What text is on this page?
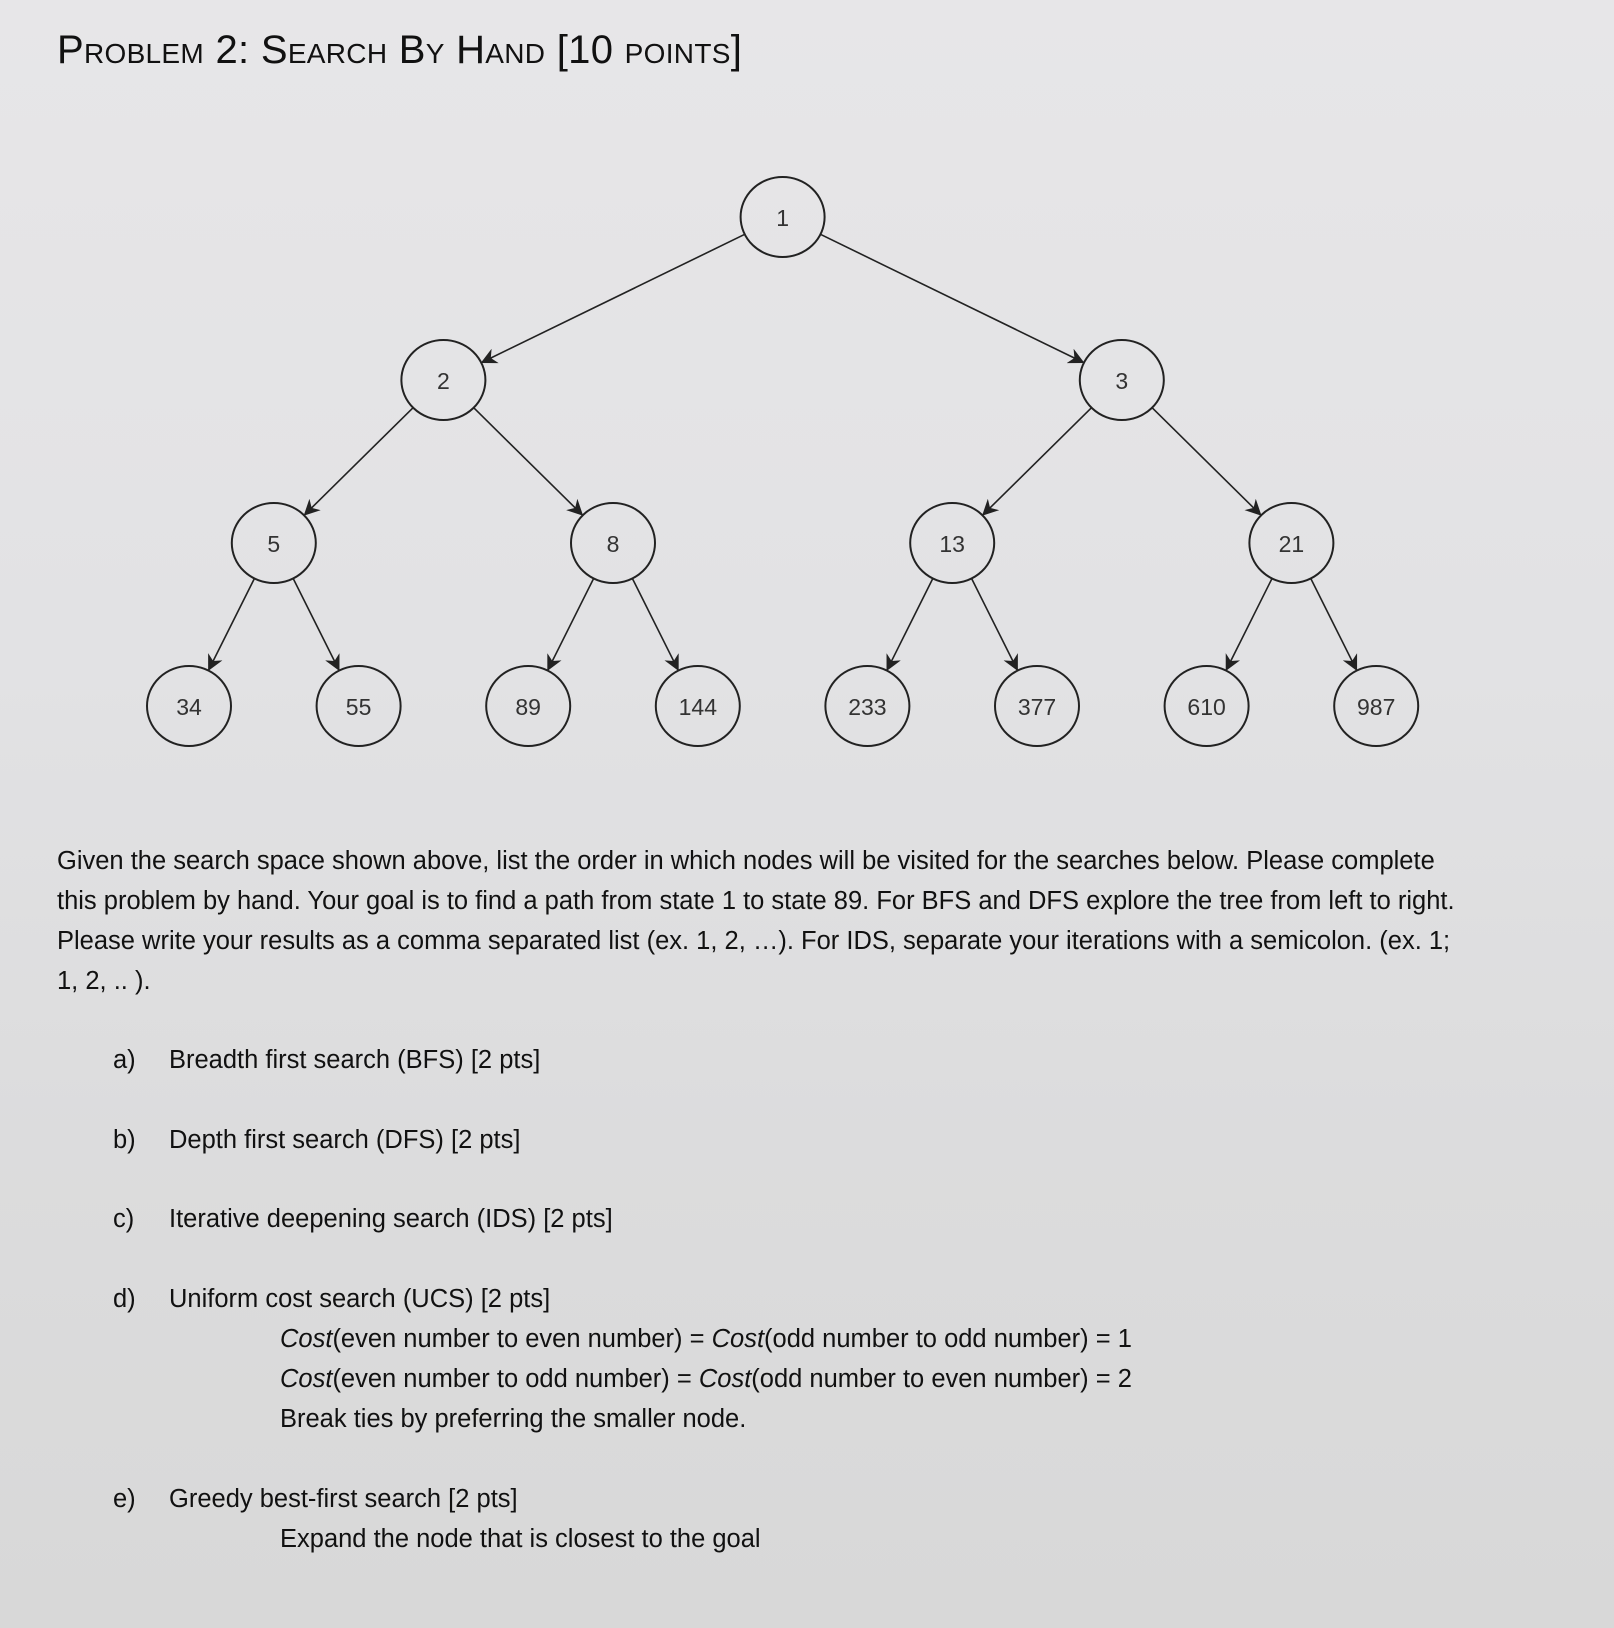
Problem 2: Search By Hand [10 points]
1
2	3
5	8	13	21
34	55	89	144	233	377	610	987

Given the search space shown above, list the order in which nodes will be visited for the searches below. Please complete this problem by hand. Your goal is to find a path from state 1 to state 89. For BFS and DFS explore the tree from left to right. Please write your results as a comma separated list (ex. 1, 2, …). For IDS, separate your iterations with a semicolon. (ex. 1; 1, 2, .. ).

a) Breadth first search (BFS) [2 pts]
b) Depth first search (DFS) [2 pts]
c) Iterative deepening search (IDS) [2 pts]
d) Uniform cost search (UCS) [2 pts]
Cost(even number to even number) = Cost(odd number to odd number) = 1
Cost(even number to odd number) = Cost(odd number to even number) = 2
Break ties by preferring the smaller node.
e) Greedy best-first search [2 pts]
Expand the node that is closest to the goal
